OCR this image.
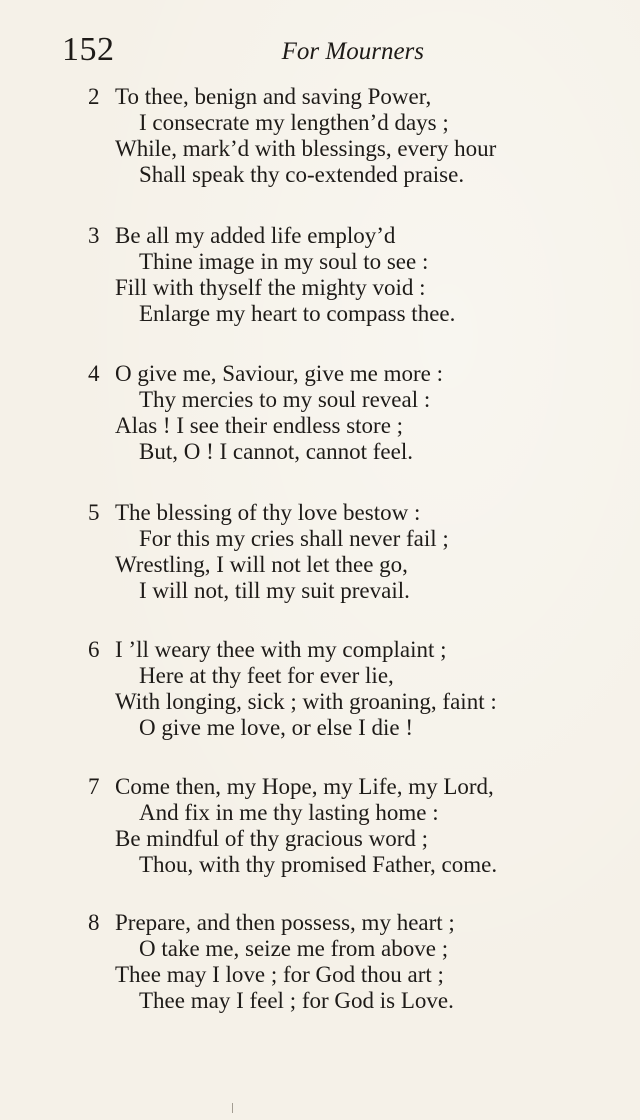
152	For Mourners
2 To thee, benign and saving Power,
I consecrate my lengthen’d days ;
While, mark’d with blessings, every hour
Shall speak thy co-extended praise.
3 Be all my added life employ’d
Thine image in my soul to see :
Fill with thyself the mighty void :
Enlarge my heart to compass thee.
4 O give me, Saviour, give me more :
Thy mercies to my soul reveal :
Alas ! I see their endless store ;
But, O ! I cannot, cannot feel.
5 The blessing of thy love bestow :
For this my cries shall never fail ;
Wrestling, I will not let thee go,
I will not, till my suit prevail.
6 I ’ll weary thee with my complaint ;
Here at thy feet for ever lie,
With longing, sick ; with groaning, faint :
O give me love, or else I die !
7 Come then, my Hope, my Life, my Lord,
And fix in me thy lasting home :
Be mindful of thy gracious word ;
Thou, with thy promised Father, come.
8 Prepare, and then possess, my heart ;
O take me, seize me from above ;
Thee may I love ; for God thou art ;
Thee may I feel ; for God is Love.
